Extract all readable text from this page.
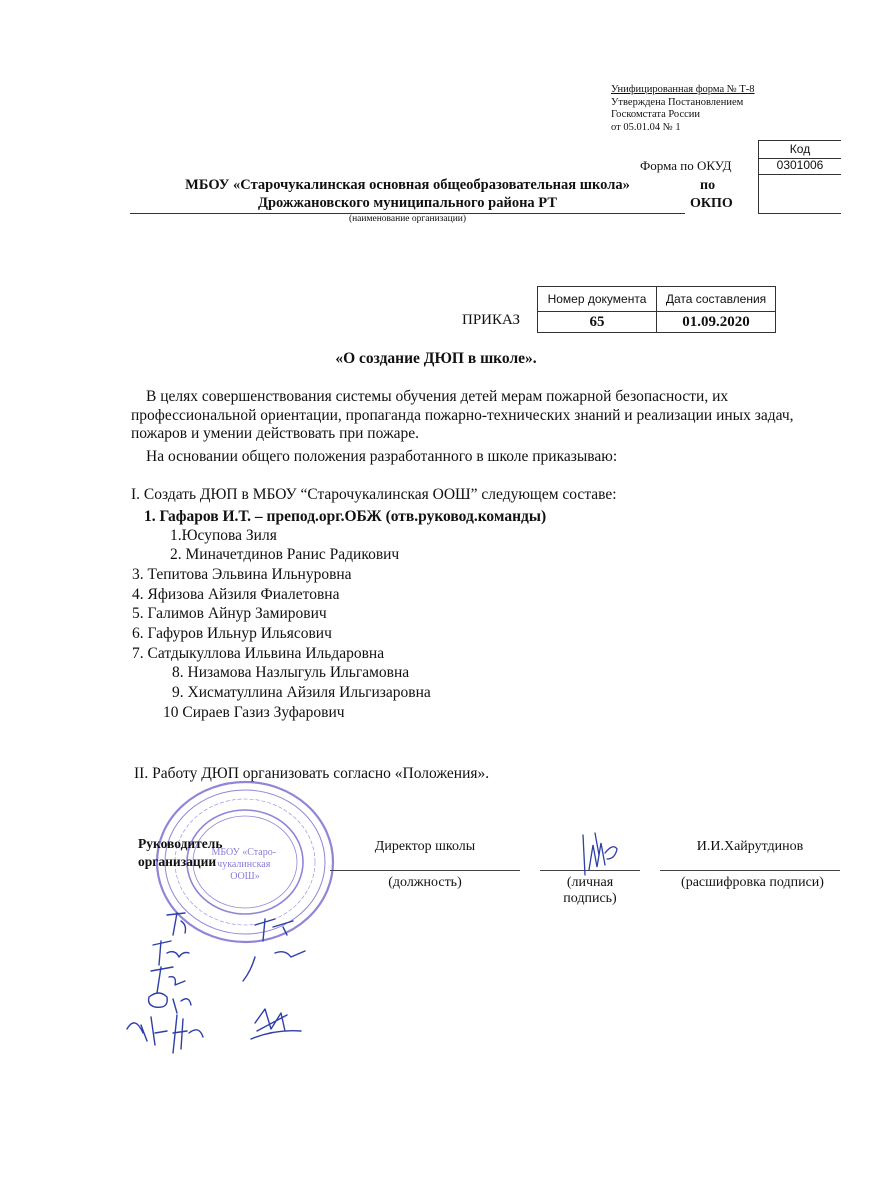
Унифицированная форма № Т-8
Утверждена Постановлением
Госкомстата России
от 05.01.04 № 1
Код
0301006
Форма по ОКУД
по
ОКПО
МБОУ «Старочукалинская основная общеобразовательная школа»
Дрожжановского муниципального района РТ
(наименование организации)
ПРИКАЗ
Номер документа	Дата составления
65	01.09.2020
«О создание ДЮП в школе».
В целях совершенствования системы обучения детей мерам пожарной безопасности, их профессиональной ориентации, пропаганда пожарно-технических знаний и реализации иных задач, пожаров и умении действовать при пожаре.
На основании общего положения разработанного в школе приказываю:
I. Создать ДЮП в МБОУ “Старочукалинская ООШ” следующем составе:
1. Гафаров И.Т. – препод.орг.ОБЖ (отв.руковод.команды)
1.Юсупова Зиля
2. Миначетдинов Ранис Радикович
3. Тепитова Эльвина Ильнуровна
4. Яфизова Айзиля Фиалетовна
5. Галимов Айнур Замирович
6. Гафуров Ильнур Ильясович
7. Сатдыкуллова Ильвина Ильдаровна
8. Низамова Назлыгуль Ильгамовна
9. Хисматуллина Айзиля Ильгизаровна
10 Сираев Газиз Зуфарович
II. Работу ДЮП организовать согласно «Положения».
МБОУ «Старо- чукалинская ООШ»
Руководитель
организации
Директор школы
(должность)	(личная
подпись)
И.И.Хайрутдинов
(расшифровка подписи)
